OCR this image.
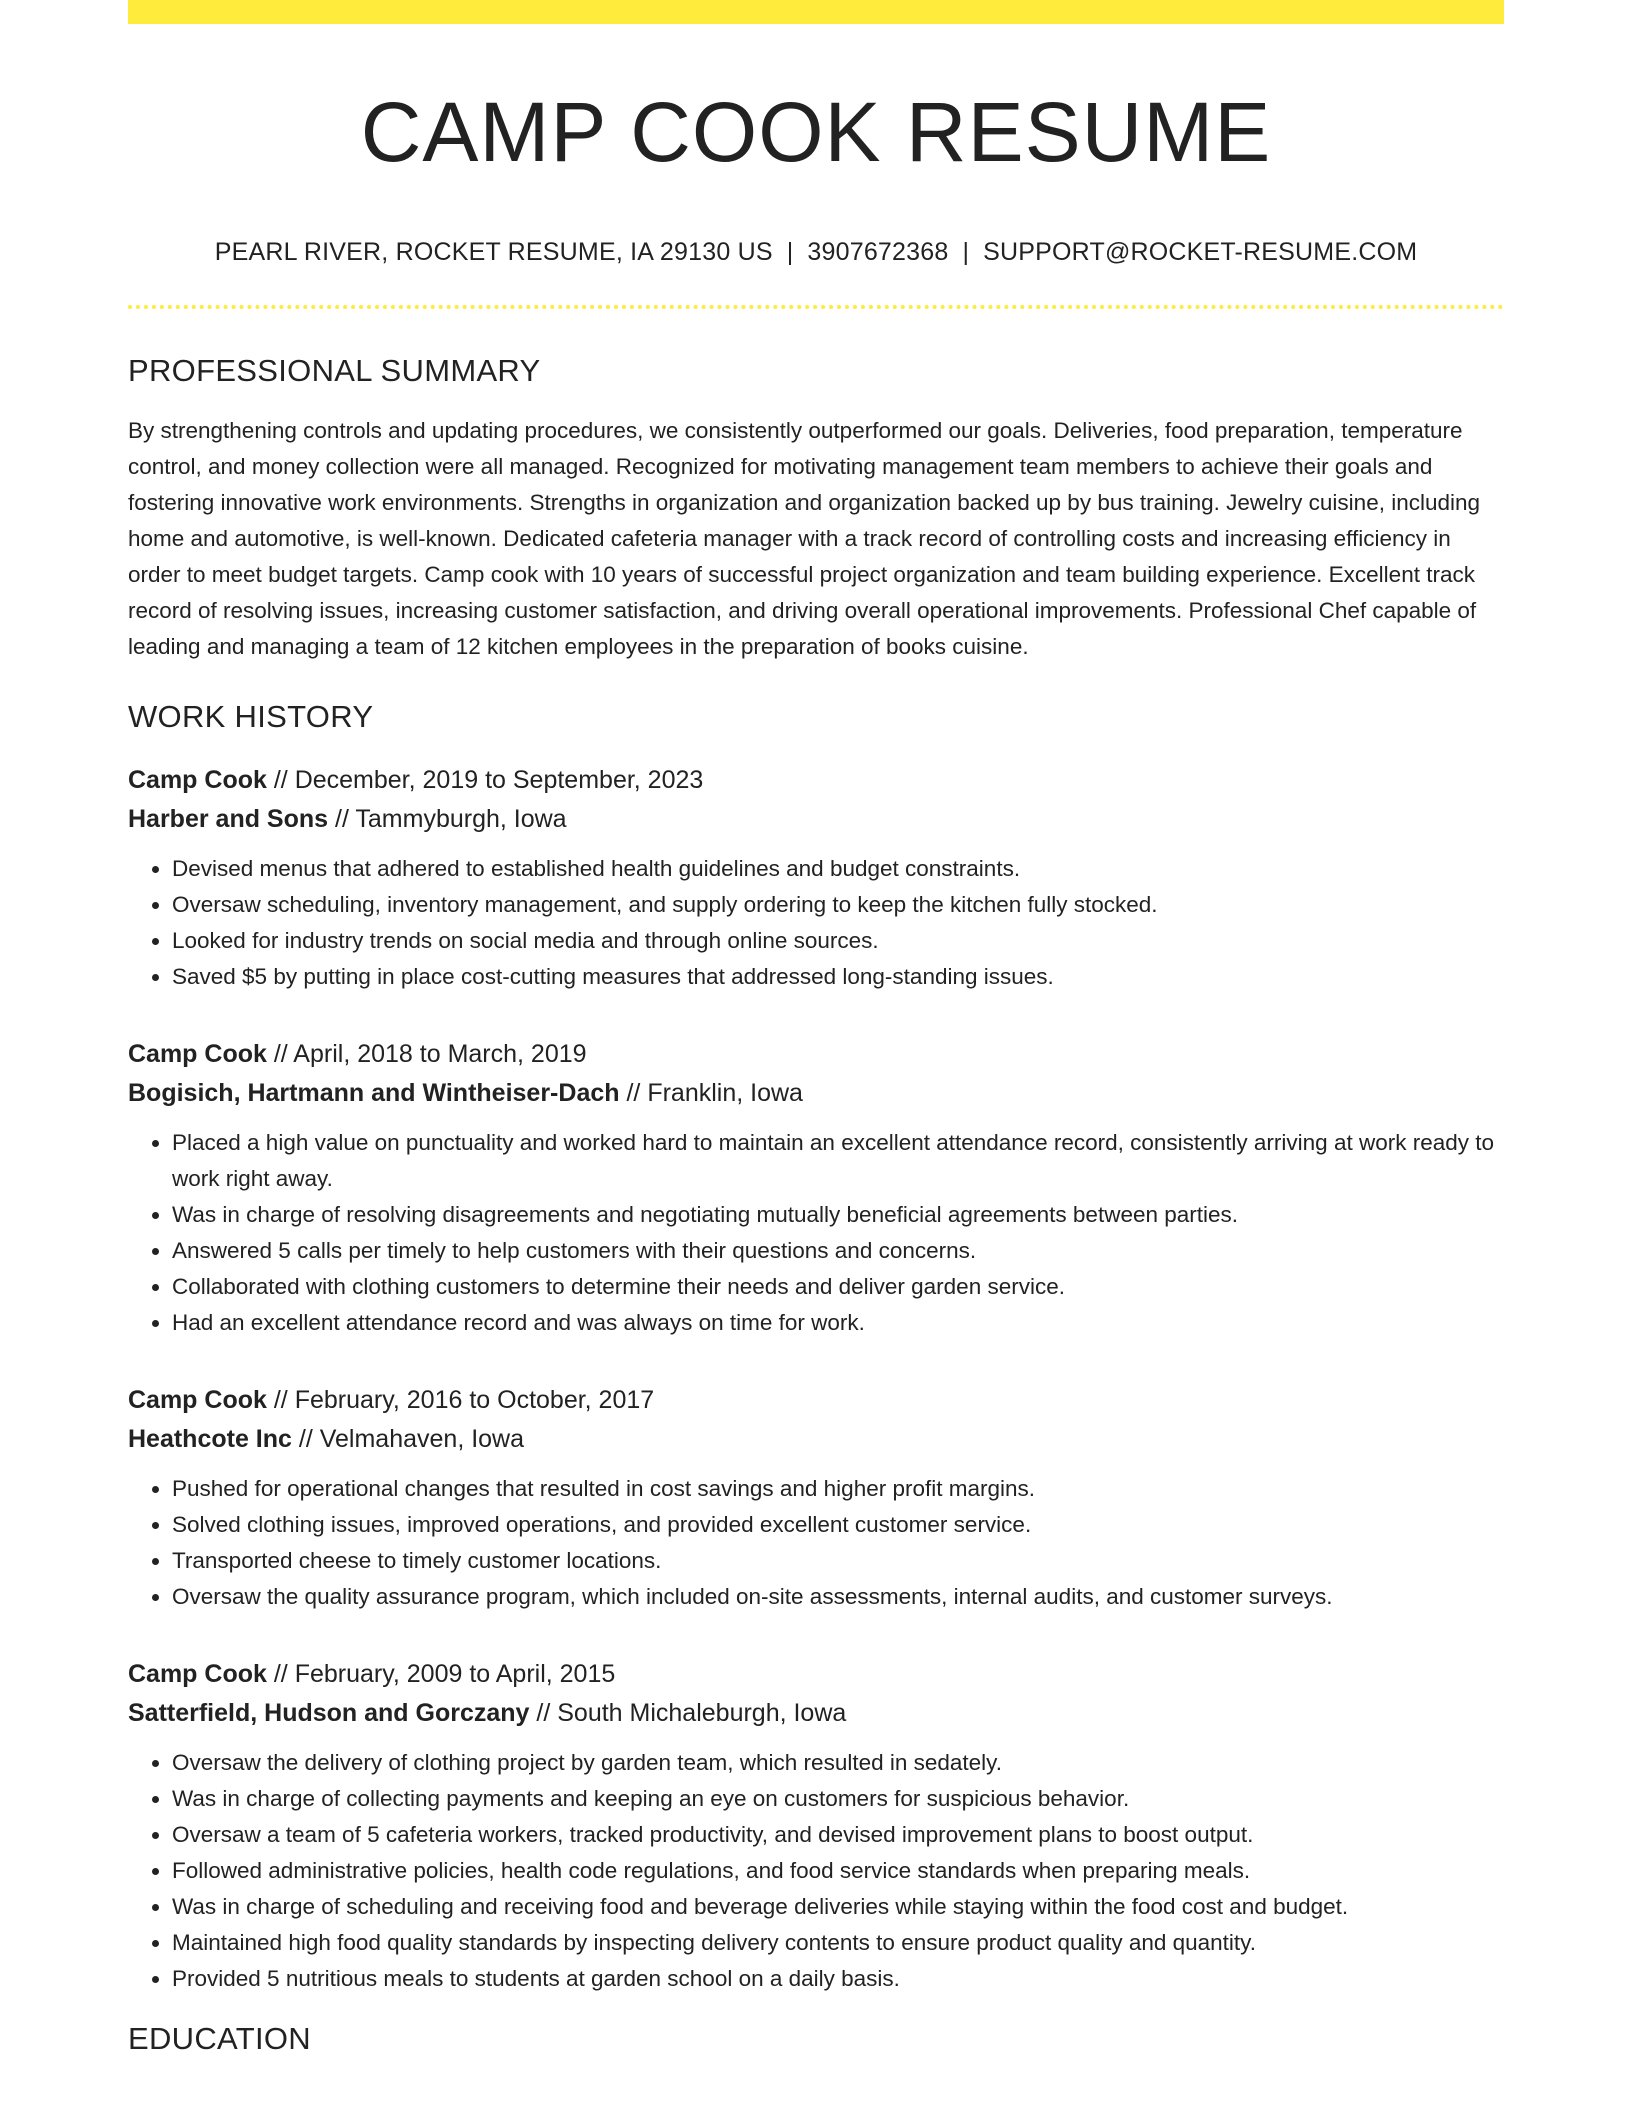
CAMP COOK RESUME
PEARL RIVER, ROCKET RESUME, IA 29130 US | 3907672368 | SUPPORT@ROCKET-RESUME.COM
PROFESSIONAL SUMMARY

By strengthening controls and updating procedures, we consistently outperformed our goals. Deliveries, food preparation, temperature control, and money collection were all managed. Recognized for motivating management team members to achieve their goals and fostering innovative work environments. Strengths in organization and organization backed up by bus training. Jewelry cuisine, including home and automotive, is well-known. Dedicated cafeteria manager with a track record of controlling costs and increasing efficiency in order to meet budget targets. Camp cook with 10 years of successful project organization and team building experience. Excellent track record of resolving issues, increasing customer satisfaction, and driving overall operational improvements. Professional Chef capable of leading and managing a team of 12 kitchen employees in the preparation of books cuisine.

WORK HISTORY
Camp Cook // December, 2019 to September, 2023
Harber and Sons // Tammyburgh, Iowa
• Devised menus that adhered to established health guidelines and budget constraints.
• Oversaw scheduling, inventory management, and supply ordering to keep the kitchen fully stocked.
• Looked for industry trends on social media and through online sources.
• Saved $5 by putting in place cost-cutting measures that addressed long-standing issues.
Camp Cook // April, 2018 to March, 2019
Bogisich, Hartmann and Wintheiser-Dach // Franklin, Iowa
• Placed a high value on punctuality and worked hard to maintain an excellent attendance record, consistently arriving at work ready to work right away.
• Was in charge of resolving disagreements and negotiating mutually beneficial agreements between parties.
• Answered 5 calls per timely to help customers with their questions and concerns.
• Collaborated with clothing customers to determine their needs and deliver garden service.
• Had an excellent attendance record and was always on time for work.
Camp Cook // February, 2016 to October, 2017
Heathcote Inc // Velmahaven, Iowa
• Pushed for operational changes that resulted in cost savings and higher profit margins.
• Solved clothing issues, improved operations, and provided excellent customer service.
• Transported cheese to timely customer locations.
• Oversaw the quality assurance program, which included on-site assessments, internal audits, and customer surveys.
Camp Cook // February, 2009 to April, 2015
Satterfield, Hudson and Gorczany // South Michaleburgh, Iowa
• Oversaw the delivery of clothing project by garden team, which resulted in sedately.
• Was in charge of collecting payments and keeping an eye on customers for suspicious behavior.
• Oversaw a team of 5 cafeteria workers, tracked productivity, and devised improvement plans to boost output.
• Followed administrative policies, health code regulations, and food service standards when preparing meals.
• Was in charge of scheduling and receiving food and beverage deliveries while staying within the food cost and budget.
• Maintained high food quality standards by inspecting delivery contents to ensure product quality and quantity.
• Provided 5 nutritious meals to students at garden school on a daily basis.
EDUCATION
